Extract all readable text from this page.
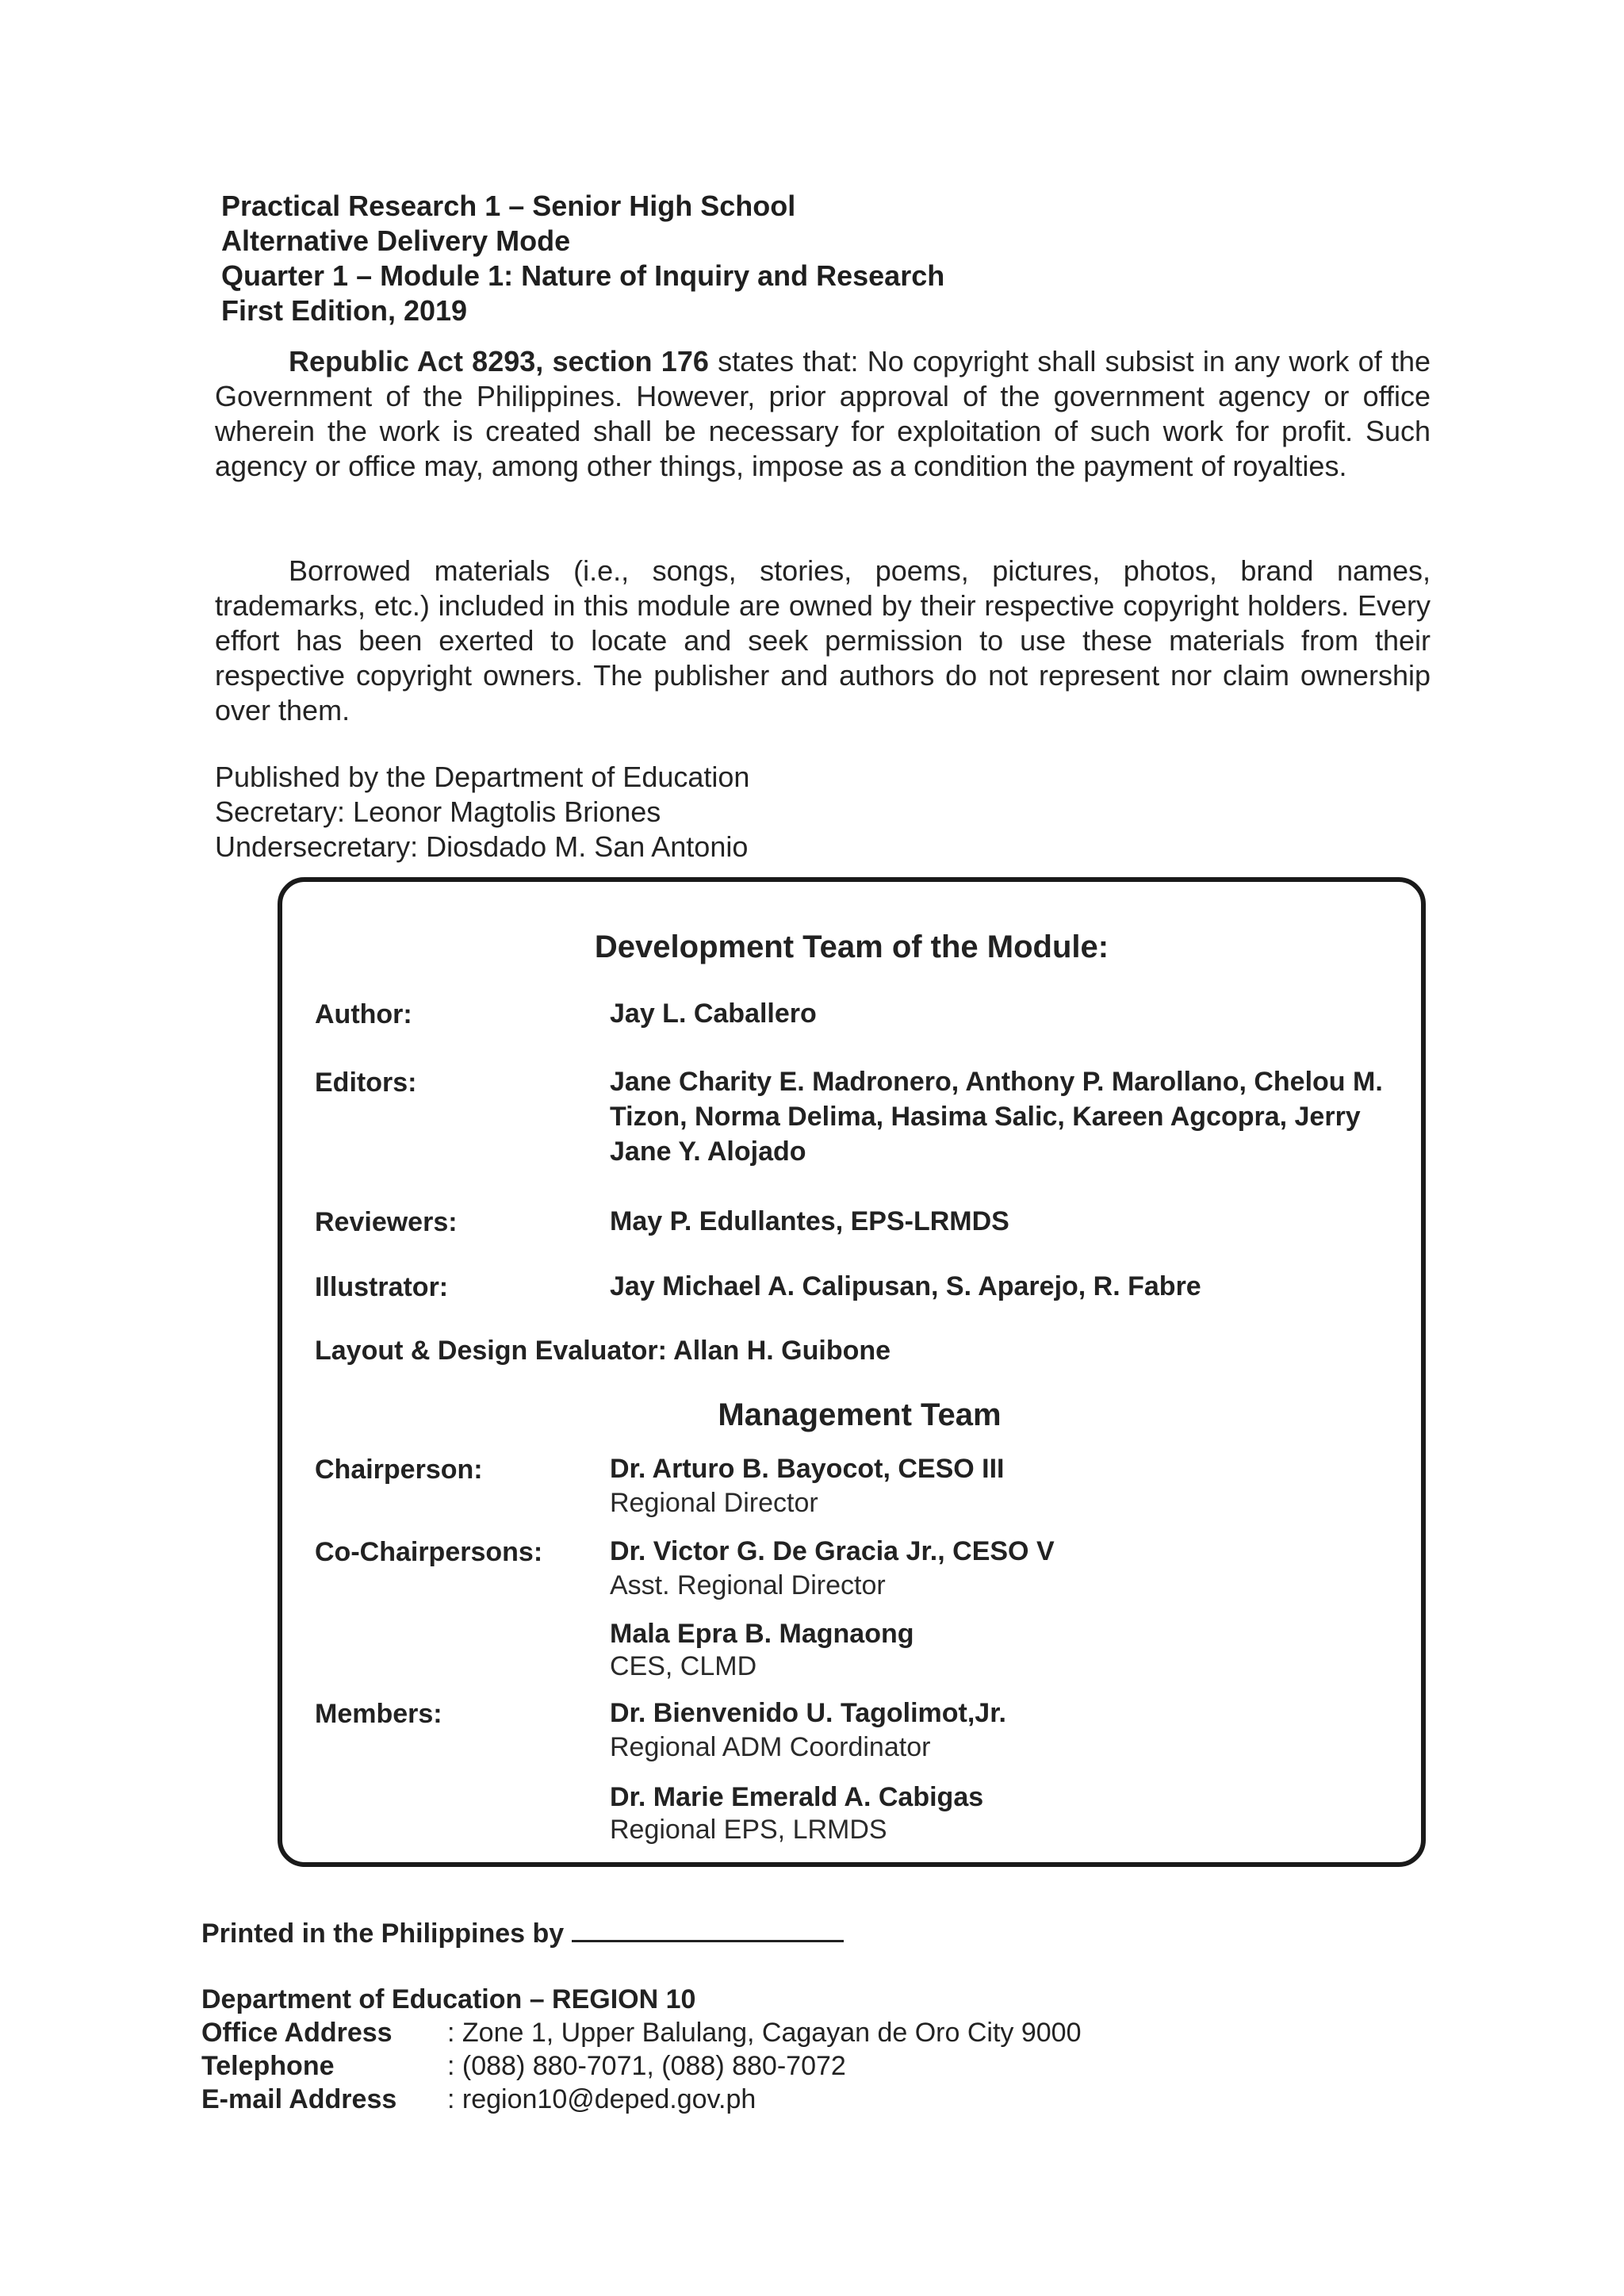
Practical Research 1 – Senior High School
Alternative Delivery Mode
Quarter 1 – Module 1: Nature of Inquiry and Research
First Edition, 2019
Republic Act 8293, section 176 states that: No copyright shall subsist in any work of the Government of the Philippines. However, prior approval of the government agency or office wherein the work is created shall be necessary for exploitation of such work for profit. Such agency or office may, among other things, impose as a condition the payment of royalties.
Borrowed materials (i.e., songs, stories, poems, pictures, photos, brand names, trademarks, etc.) included in this module are owned by their respective copyright holders. Every effort has been exerted to locate and seek permission to use these materials from their respective copyright owners. The publisher and authors do not represent nor claim ownership over them.
Published by the Department of Education
Secretary: Leonor Magtolis Briones
Undersecretary: Diosdado M. San Antonio
Development Team of the Module:
Author:	Jay L. Caballero
Editors:	Jane Charity E. Madronero, Anthony P. Marollano, Chelou M. Tizon, Norma Delima, Hasima Salic, Kareen Agcopra, Jerry Jane Y. Alojado
Reviewers:	May P. Edullantes, EPS-LRMDS
Illustrator:	Jay Michael A. Calipusan, S. Aparejo, R. Fabre
Layout & Design Evaluator: Allan H. Guibone
Management Team
Chairperson:	Dr. Arturo B. Bayocot, CESO III
Regional Director
Co-Chairpersons: Dr. Victor G. De Gracia Jr., CESO V
Asst. Regional Director
Mala Epra B. Magnaong
CES, CLMD
Members:	Dr. Bienvenido U. Tagolimot,Jr.
Regional ADM Coordinator
Dr. Marie Emerald A. Cabigas
Regional EPS, LRMDS
Printed in the Philippines by
Department of Education – REGION 10
Office Address : Zone 1, Upper Balulang, Cagayan de Oro City 9000
Telephone	: (088) 880-7071, (088) 880-7072
E-mail Address : region10@deped.gov.ph
